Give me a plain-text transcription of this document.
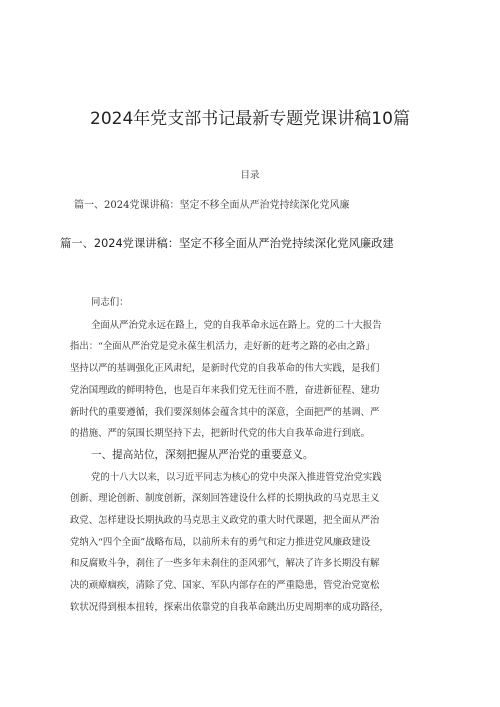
2024年党支部书记最新专题党课讲稿10篇
目录
篇一、2024党课讲稿：坚定不移全面从严治党持续深化党风廉
篇一、2024党课讲稿：坚定不移全面从严治党持续深化党风廉政建

同志们：

全面从严治党永远在路上，党的自我革命永远在路上。党的二十大报告

指出：“全面从严治党是党永葆生机活力，走好新的赶考之路的必由之路」

坚持以严的基调强化正风肃纪，是新时代党的自我革命的伟大实践，是我们

党治国理政的鲜明特色，也是百年来我们党无往而不胜，奋进新征程、建功

新时代的重要遵循，我们要深刻体会蕴含其中的深意，全面把严的基调、严

的措施、严的氛围长期坚持下去，把新时代党的伟大自我革命进行到底。

一、提高站位，深刻把握从严治党的重要意义。

党的十八大以来，以习近平同志为核心的党中央深入推进管党治党实践

创新、理论创新、制度创新，深刻回答建设什么样的长期执政的马克思主义

政党、怎样建设长期执政的马克思主义政党的重大时代课题，把全面从严治

党纳入“四个全面”战略布局，以前所未有的勇气和定力推进党风廉政建设

和反腐败斗争，刹住了一些多年未刹住的歪风邪气，解决了许多长期没有解

决的顽瘴痼疾，清除了党、国家、军队内部存在的严重隐患，管党治党宽松

软状况得到根本扭转，探索出依靠党的自我革命跳出历史周期率的成功路径，
